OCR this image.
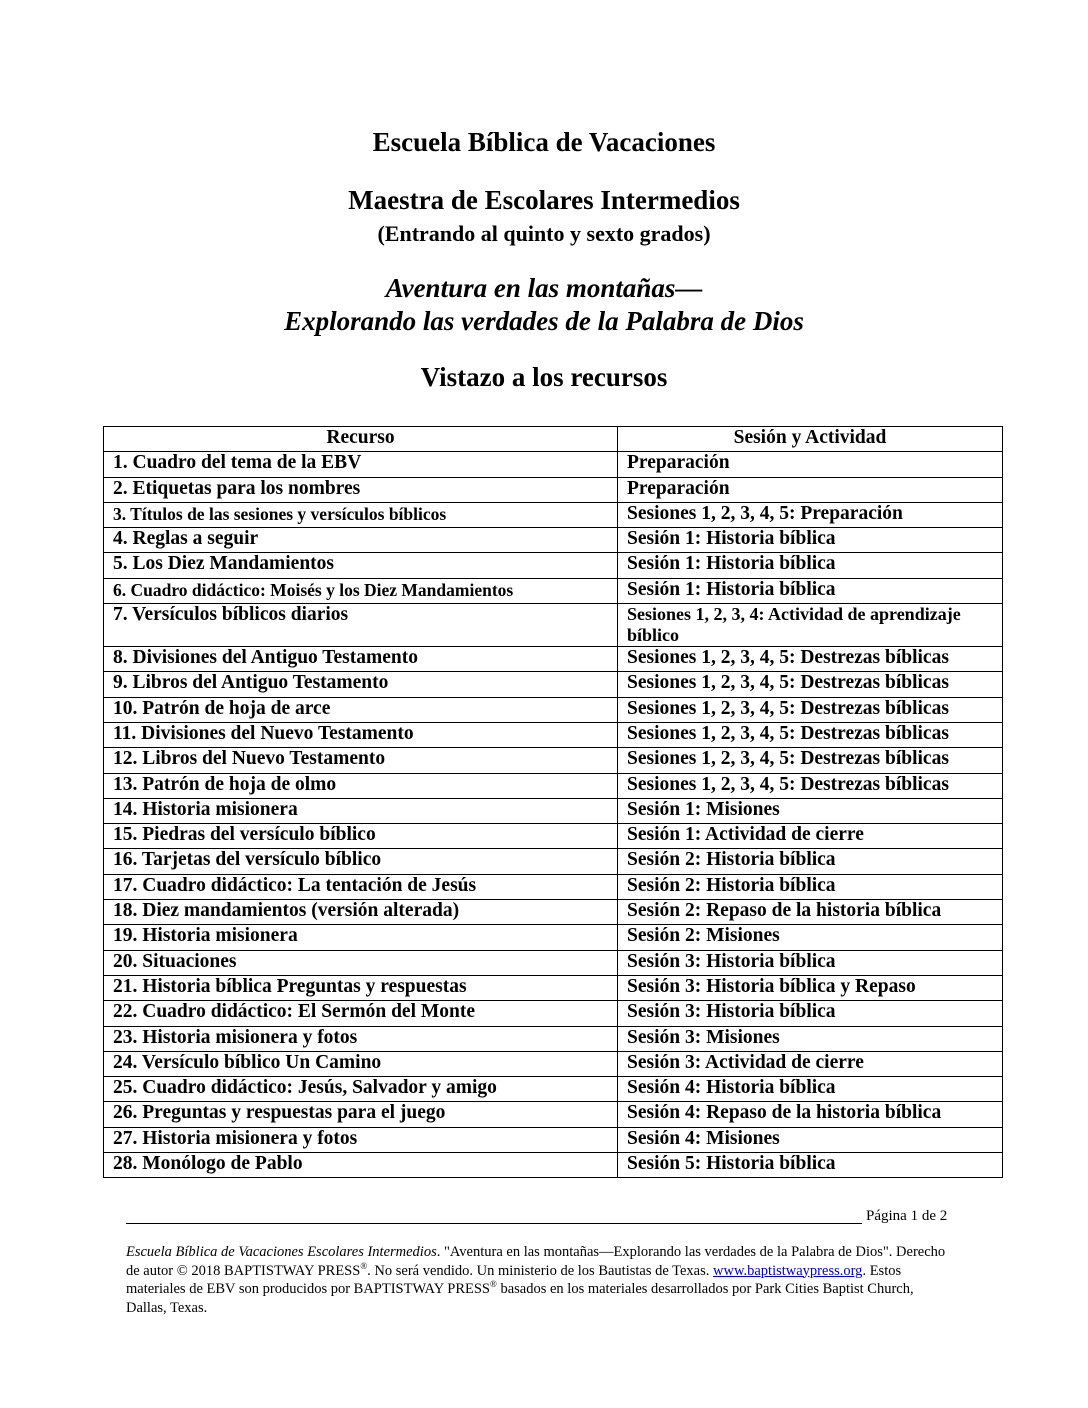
Escuela Bíblica de Vacaciones
Maestra de Escolares Intermedios
(Entrando al quinto y sexto grados)
Aventura en las montañas—
Explorando las verdades de la Palabra de Dios
Vistazo a los recursos
Recurso	Sesión y Actividad
1. Cuadro del tema de la EBV	Preparación
2. Etiquetas para los nombres	Preparación
3. Títulos de las sesiones y versículos bíblicos	Sesiones 1, 2, 3, 4, 5: Preparación
4. Reglas a seguir	Sesión 1: Historia bíblica
5. Los Diez Mandamientos	Sesión 1: Historia bíblica
6. Cuadro didáctico: Moisés y los Diez Mandamientos	Sesión 1: Historia bíblica
7. Versículos bíblicos diarios	Sesiones 1, 2, 3, 4: Actividad de aprendizaje bíblico
8. Divisiones del Antiguo Testamento	Sesiones 1, 2, 3, 4, 5: Destrezas bíblicas
9. Libros del Antiguo Testamento	Sesiones 1, 2, 3, 4, 5: Destrezas bíblicas
10. Patrón de hoja de arce	Sesiones 1, 2, 3, 4, 5: Destrezas bíblicas
11. Divisiones del Nuevo Testamento	Sesiones 1, 2, 3, 4, 5: Destrezas bíblicas
12. Libros del Nuevo Testamento	Sesiones 1, 2, 3, 4, 5: Destrezas bíblicas
13. Patrón de hoja de olmo	Sesiones 1, 2, 3, 4, 5: Destrezas bíblicas
14. Historia misionera	Sesión 1: Misiones
15. Piedras del versículo bíblico	Sesión 1: Actividad de cierre
16. Tarjetas del versículo bíblico	Sesión 2: Historia bíblica
17. Cuadro didáctico: La tentación de Jesús	Sesión 2: Historia bíblica
18. Diez mandamientos (versión alterada)	Sesión 2: Repaso de la historia bíblica
19. Historia misionera	Sesión 2: Misiones
20. Situaciones	Sesión 3: Historia bíblica
21. Historia bíblica Preguntas y respuestas	Sesión 3: Historia bíblica y Repaso
22. Cuadro didáctico: El Sermón del Monte	Sesión 3: Historia bíblica
23. Historia misionera y fotos	Sesión 3: Misiones
24. Versículo bíblico Un Camino	Sesión 3: Actividad de cierre
25. Cuadro didáctico: Jesús, Salvador y amigo	Sesión 4: Historia bíblica
26. Preguntas y respuestas para el juego	Sesión 4: Repaso de la historia bíblica
27. Historia misionera y fotos	Sesión 4: Misiones
28. Monólogo de Pablo	Sesión 5: Historia bíblica
Página 1 de 2
Escuela Bíblica de Vacaciones Escolares Intermedios. "Aventura en las montañas—Explorando las verdades de la Palabra de Dios". Derecho de autor © 2018 BAPTISTWAY PRESS®. No será vendido. Un ministerio de los Bautistas de Texas. www.baptistwaypress.org. Estos materiales de EBV son producidos por BAPTISTWAY PRESS® basados en los materiales desarrollados por Park Cities Baptist Church, Dallas, Texas.
